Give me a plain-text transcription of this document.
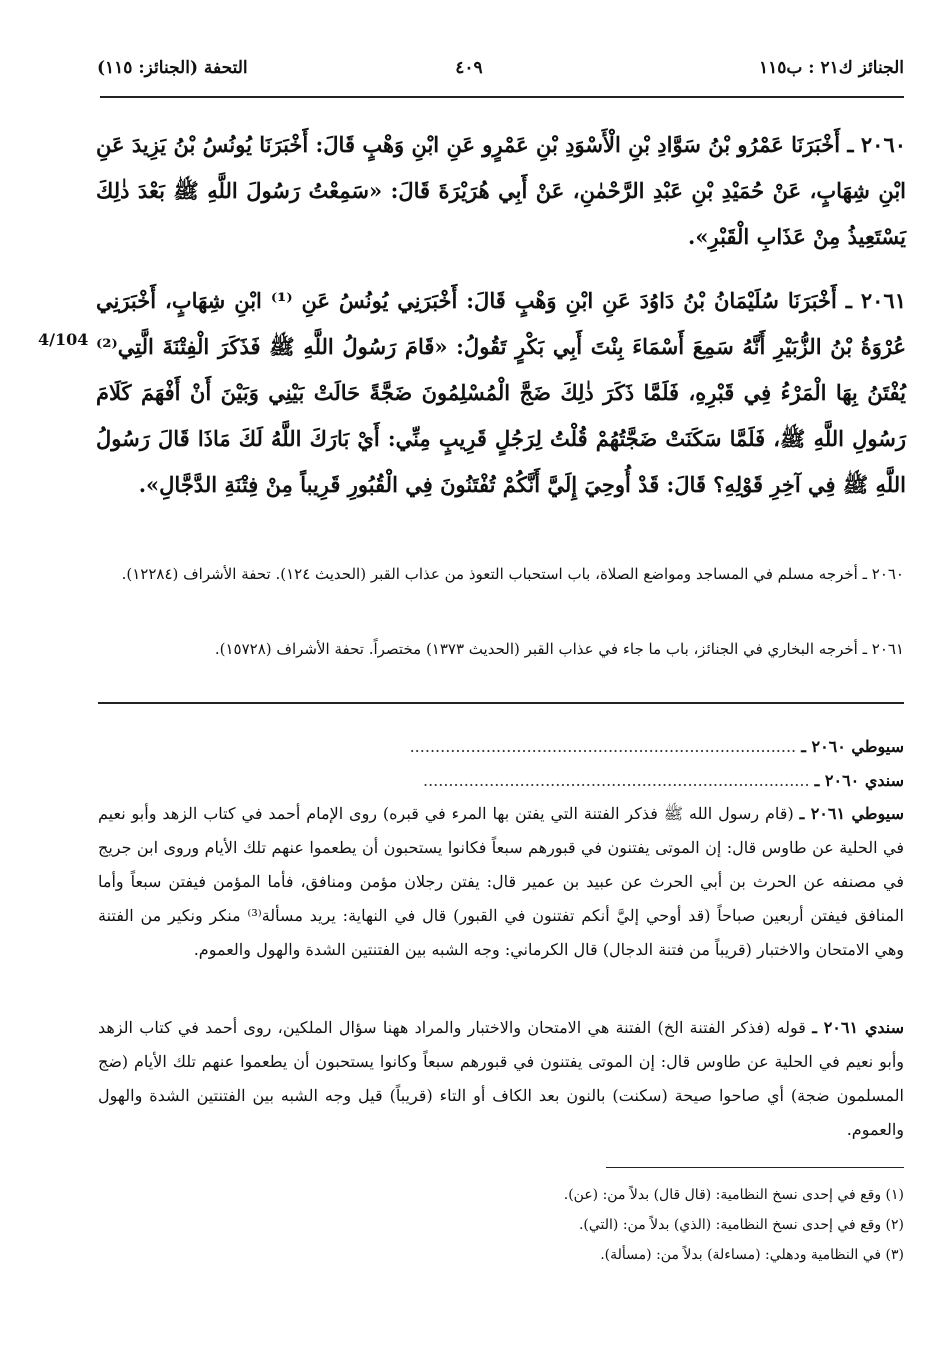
الجنائز ك٢١ : ب١١٥
٤٠٩
التحفة (الجنائز: ١١٥)
٢٠٦٠ ـ أَخْبَرَنَا عَمْرُو بْنُ سَوَّادِ بْنِ الْأَسْوَدِ بْنِ عَمْرٍو عَنِ ابْنِ وَهْبٍ قَالَ: أَخْبَرَنَا يُونُسُ بْنُ يَزِيدَ عَنِ ابْنِ شِهَابٍ، عَنْ حُمَيْدِ بْنِ عَبْدِ الرَّحْمٰنِ، عَنْ أَبِي هُرَيْرَةَ قَالَ: «سَمِعْتُ رَسُولَ اللَّهِ ﷺ بَعْدَ ذٰلِكَ يَسْتَعِيذُ مِنْ عَذَابِ الْقَبْرِ».
٢٠٦١ ـ أَخْبَرَنَا سُلَيْمَانُ بْنُ دَاوُدَ عَنِ ابْنِ وَهْبٍ قَالَ: أَخْبَرَنِي يُونُسُ عَنِ ⁽¹⁾ ابْنِ شِهَابٍ، أَخْبَرَنِي عُرْوَةُ بْنُ الزُّبَيْرِ أَنَّهُ سَمِعَ أَسْمَاءَ بِنْتَ أَبِي بَكْرٍ تَقُولُ: «قَامَ رَسُولُ اللَّهِ ﷺ فَذَكَرَ الْفِتْنَةَ الَّتِي⁽²⁾ يُفْتَنُ بِهَا الْمَرْءُ فِي قَبْرِهِ، فَلَمَّا ذَكَرَ ذٰلِكَ ضَجَّ الْمُسْلِمُونَ ضَجَّةً حَالَتْ بَيْنِي وَبَيْنَ أَنْ أَفْهَمَ كَلَامَ رَسُولِ اللَّهِ ﷺ، فَلَمَّا سَكَنَتْ ضَجَّتُهُمْ قُلْتُ لِرَجُلٍ قَرِيبٍ مِنِّي: أَيْ بَارَكَ اللَّهُ لَكَ مَاذَا قَالَ رَسُولُ اللَّهِ ﷺ فِي آخِرِ قَوْلِهِ؟ قَالَ: قَدْ أُوحِيَ إِلَيَّ أَنَّكُمْ تُفْتَنُونَ فِي الْقُبُورِ قَرِيباً مِنْ فِتْنَةِ الدَّجَّالِ».
4/104
٢٠٦٠ ـ أخرجه مسلم في المساجد ومواضع الصلاة، باب استحباب التعوذ من عذاب القبر (الحديث ١٢٤). تحفة الأشراف (١٢٢٨٤).
٢٠٦١ ـ أخرجه البخاري في الجنائز، باب ما جاء في عذاب القبر (الحديث ١٣٧٣) مختصراً. تحفة الأشراف (١٥٧٢٨).
سيوطي ٢٠٦٠ ـ ............................................................................
سندي ٢٠٦٠ ـ ............................................................................
سيوطي ٢٠٦١ ـ (قام رسول الله ﷺ فذكر الفتنة التي يفتن بها المرء في قبره) روى الإمام أحمد في كتاب الزهد وأبو نعيم في الحلية عن طاوس قال: إن الموتى يفتنون في قبورهم سبعاً فكانوا يستحبون أن يطعموا عنهم تلك الأيام وروى ابن جريج في مصنفه عن الحرث بن أبي الحرث عن عبيد بن عمير قال: يفتن رجلان مؤمن ومنافق، فأما المؤمن فيفتن سبعاً وأما المنافق فيفتن أربعين صباحاً (قد أوحي إليَّ أنكم تفتنون في القبور) قال في النهاية: يريد مسألة⁽³⁾ منكر ونكير من الفتنة وهي الامتحان والاختبار (قريباً من فتنة الدجال) قال الكرماني: وجه الشبه بين الفتنتين الشدة والهول والعموم.
سندي ٢٠٦١ ـ قوله (فذكر الفتنة الخ) الفتنة هي الامتحان والاختبار والمراد ههنا سؤال الملكين، روى أحمد في كتاب الزهد وأبو نعيم في الحلية عن طاوس قال: إن الموتى يفتنون في قبورهم سبعاً وكانوا يستحبون أن يطعموا عنهم تلك الأيام (ضج المسلمون ضجة) أي صاحوا صيحة (سكنت) بالنون بعد الكاف أو التاء (قريباً) قيل وجه الشبه بين الفتنتين الشدة والهول والعموم.
(١) وقع في إحدى نسخ النظامية: (قال قال) بدلاً من: (عن).
(٢) وقع في إحدى نسخ النظامية: (الذي) بدلاً من: (التي).
(٣) في النظامية ودهلي: (مساءلة) بدلاً من: (مسألة).
